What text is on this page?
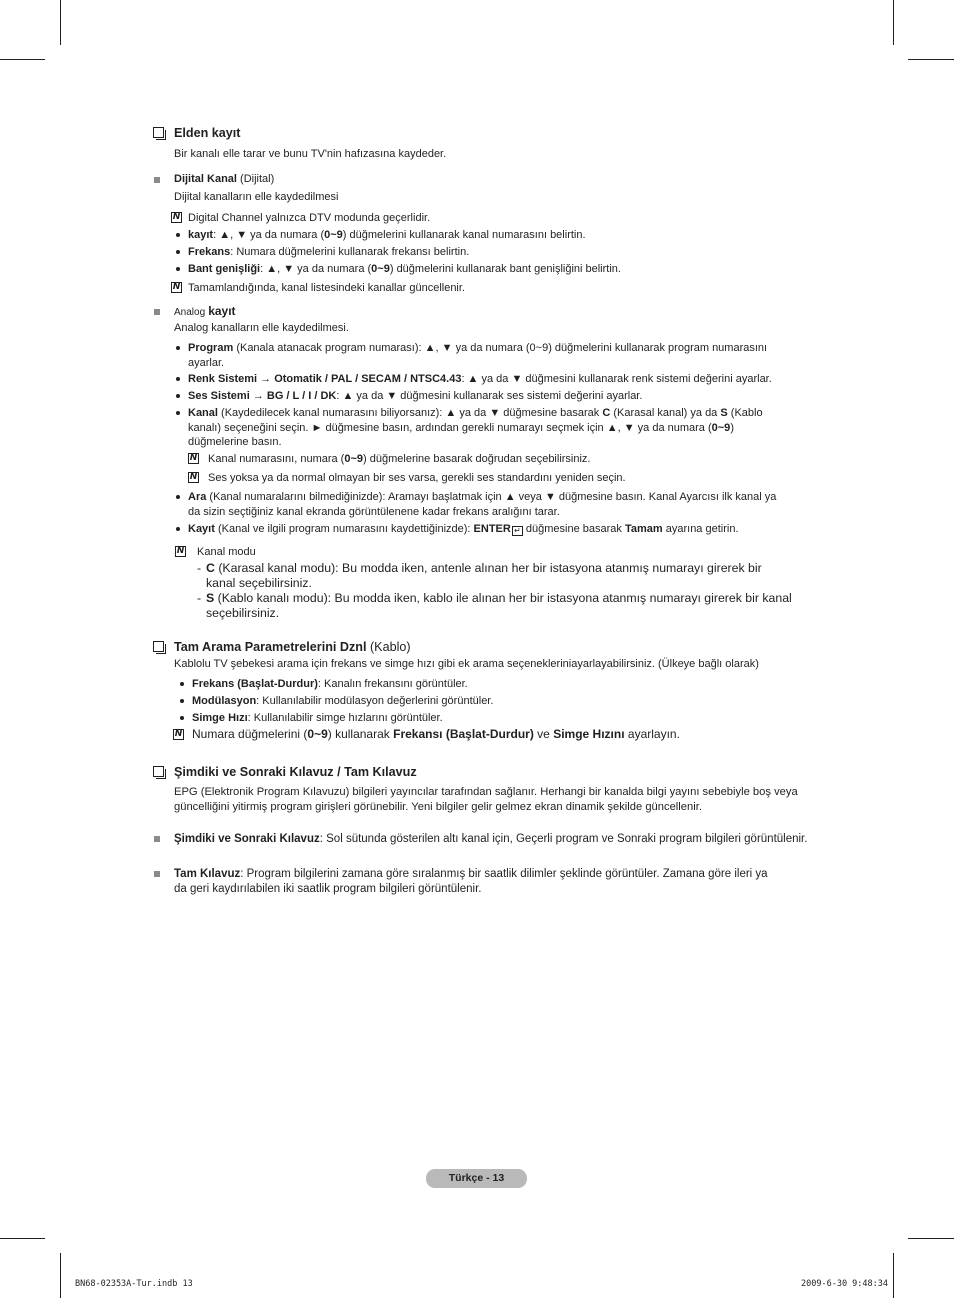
Elden kayıt
Bir kanalı elle tarar ve bunu TV'nin hafızasına kaydeder.
Dijital Kanal (Dijital)
Dijital kanalların elle kaydedilmesi
N Digital Channel yalnızca DTV modunda geçerlidir.
kayıt: ▲, ▼ ya da numara (0~9) düğmelerini kullanarak kanal numarasını belirtin.
Frekans: Numara düğmelerini kullanarak frekansı belirtin.
Bant genişliği: ▲, ▼ ya da numara (0~9) düğmelerini kullanarak bant genişliğini belirtin.
N Tamamlandığında, kanal listesindeki kanallar güncellenir.
Analog kayıt
Analog kanalların elle kaydedilmesi.
Program (Kanala atanacak program numarası): ▲, ▼ ya da numara (0~9) düğmelerini kullanarak program numarasını
ayarlar.
Renk Sistemi → Otomatik / PAL / SECAM / NTSC4.43: ▲ ya da ▼ düğmesini kullanarak renk sistemi değerini ayarlar.
Ses Sistemi → BG / L / I / DK: ▲ ya da ▼ düğmesini kullanarak ses sistemi değerini ayarlar.
Kanal (Kaydedilecek kanal numarasını biliyorsanız): ▲ ya da ▼ düğmesine basarak C (Karasal kanal) ya da S (Kablo
kanalı) seçeneğini seçin. ► düğmesine basın, ardından gerekli numarayı seçmek için ▲, ▼ ya da numara (0~9)
düğmelerine basın.
N Kanal numarasını, numara (0~9) düğmelerine basarak doğrudan seçebilirsiniz.
N Ses yoksa ya da normal olmayan bir ses varsa, gerekli ses standardını yeniden seçin.
Ara (Kanal numaralarını bilmediğinizde): Aramayı başlatmak için ▲ veya ▼ düğmesine basın. Kanal Ayarcısı ilk kanal ya
da sizin seçtiğiniz kanal ekranda görüntülenene kadar frekans aralığını tarar.
Kayıt (Kanal ve ilgili program numarasını kaydettiğinizde): ENTER ↵ düğmesine basarak Tamam ayarına getirin.
N Kanal modu
- C (Karasal kanal modu): Bu modda iken, antenle alınan her bir istasyona atanmış numarayı girerek bir
kanal seçebilirsiniz.
- S (Kablo kanalı modu): Bu modda iken, kablo ile alınan her bir istasyona atanmış numarayı girerek bir kanal
seçebilirsiniz.
Tam Arama Parametrelerini Dznl (Kablo)
Kablolu TV şebekesi arama için frekans ve simge hızı gibi ek arama seçenekleriniayarlayabilirsiniz. (Ülkeye bağlı olarak)
Frekans (Başlat-Durdur): Kanalın frekansını görüntüler.
Modülasyon: Kullanılabilir modülasyon değerlerini görüntüler.
Simge Hızı: Kullanılabilir simge hızlarını görüntüler.
N Numara düğmelerini (0~9) kullanarak Frekansı (Başlat-Durdur) ve Simge Hızını ayarlayın.
Şimdiki ve Sonraki Kılavuz / Tam Kılavuz
EPG (Elektronik Program Kılavuzu) bilgileri yayıncılar tarafından sağlanır. Herhangi bir kanalda bilgi yayını sebebiyle boş veya
güncelliğini yitirmiş program girişleri görünebilir. Yeni bilgiler gelir gelmez ekran dinamik şekilde güncellenir.
Şimdiki ve Sonraki Kılavuz: Sol sütunda gösterilen altı kanal için, Geçerli program ve Sonraki program bilgileri görüntülenir.
Tam Kılavuz: Program bilgilerini zamana göre sıralanmış bir saatlik dilimler şeklinde görüntüler. Zamana göre ileri ya
da geri kaydırılabilen iki saatlik program bilgileri görüntülenir.
Türkçe - 13
BN68-02353A-Tur.indb 13	2009-6-30 9:48:34
